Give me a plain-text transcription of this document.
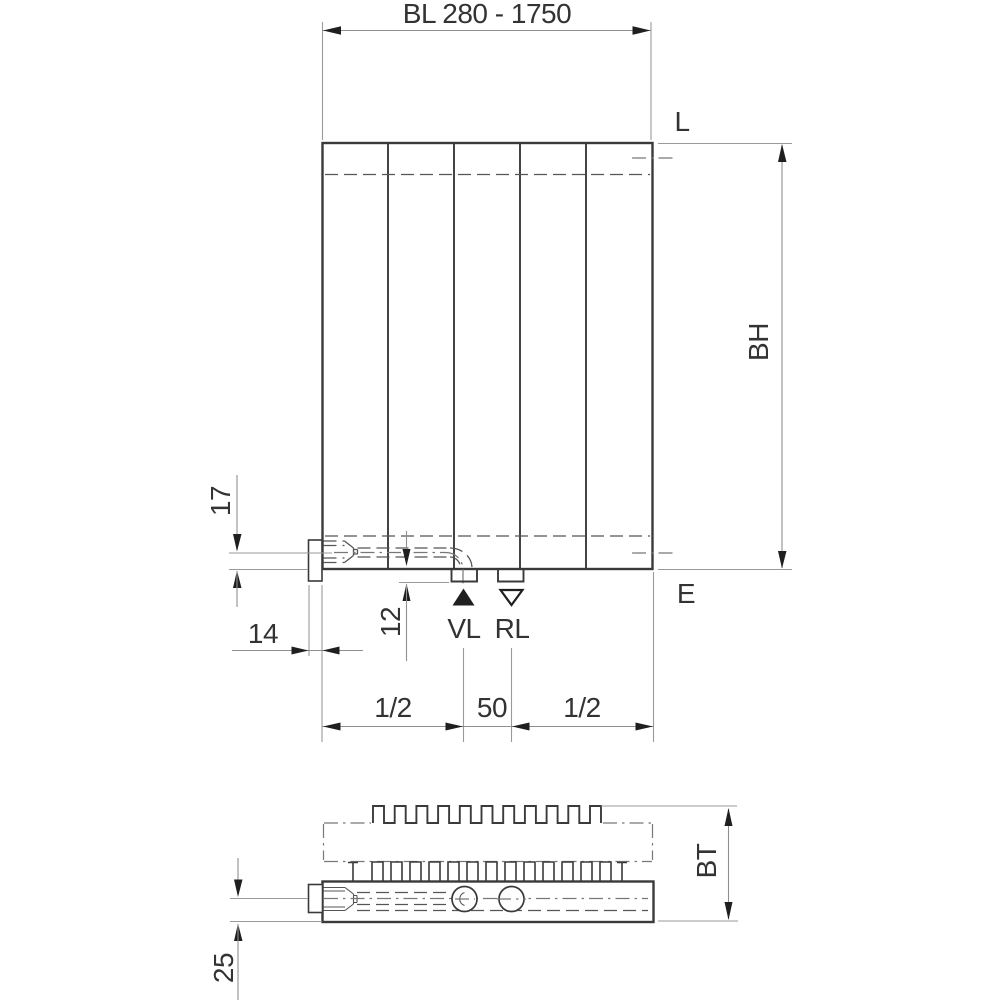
BL 280 - 1750
BH
L
E
17
14	12 VL RL
1/2 50 1/2
25
BT
